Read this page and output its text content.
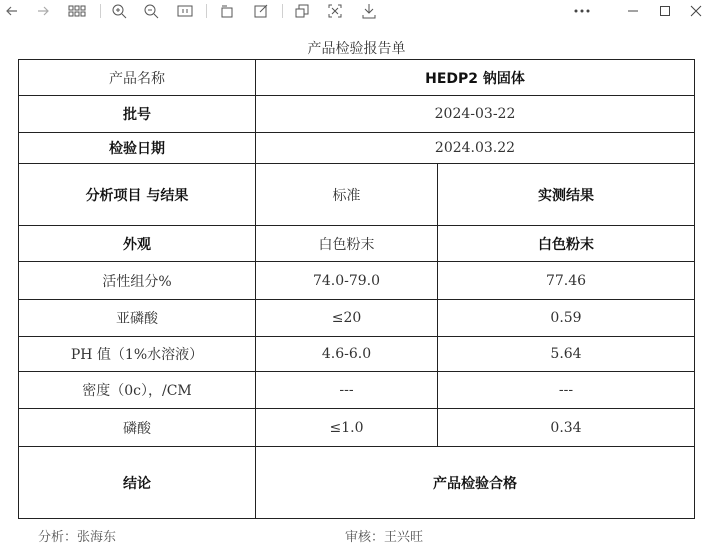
产品检验报告单
产品名称	HEDP2 钠固体	
批号	2024-03-22	
检验日期	2024.03.22	
分析项目 与结果	标准	实测结果
外观	白色粉末	白色粉末
活性组分%	74.0-79.0	77.46
亚磷酸	≤20	0.59
PH 值（1%水溶液）	4.6-6.0	5.64
密度（0c），/CM	---	---
磷酸	≤1.0	0.34
结论	产品检验合格	
分析：张海东	审核：王兴旺
